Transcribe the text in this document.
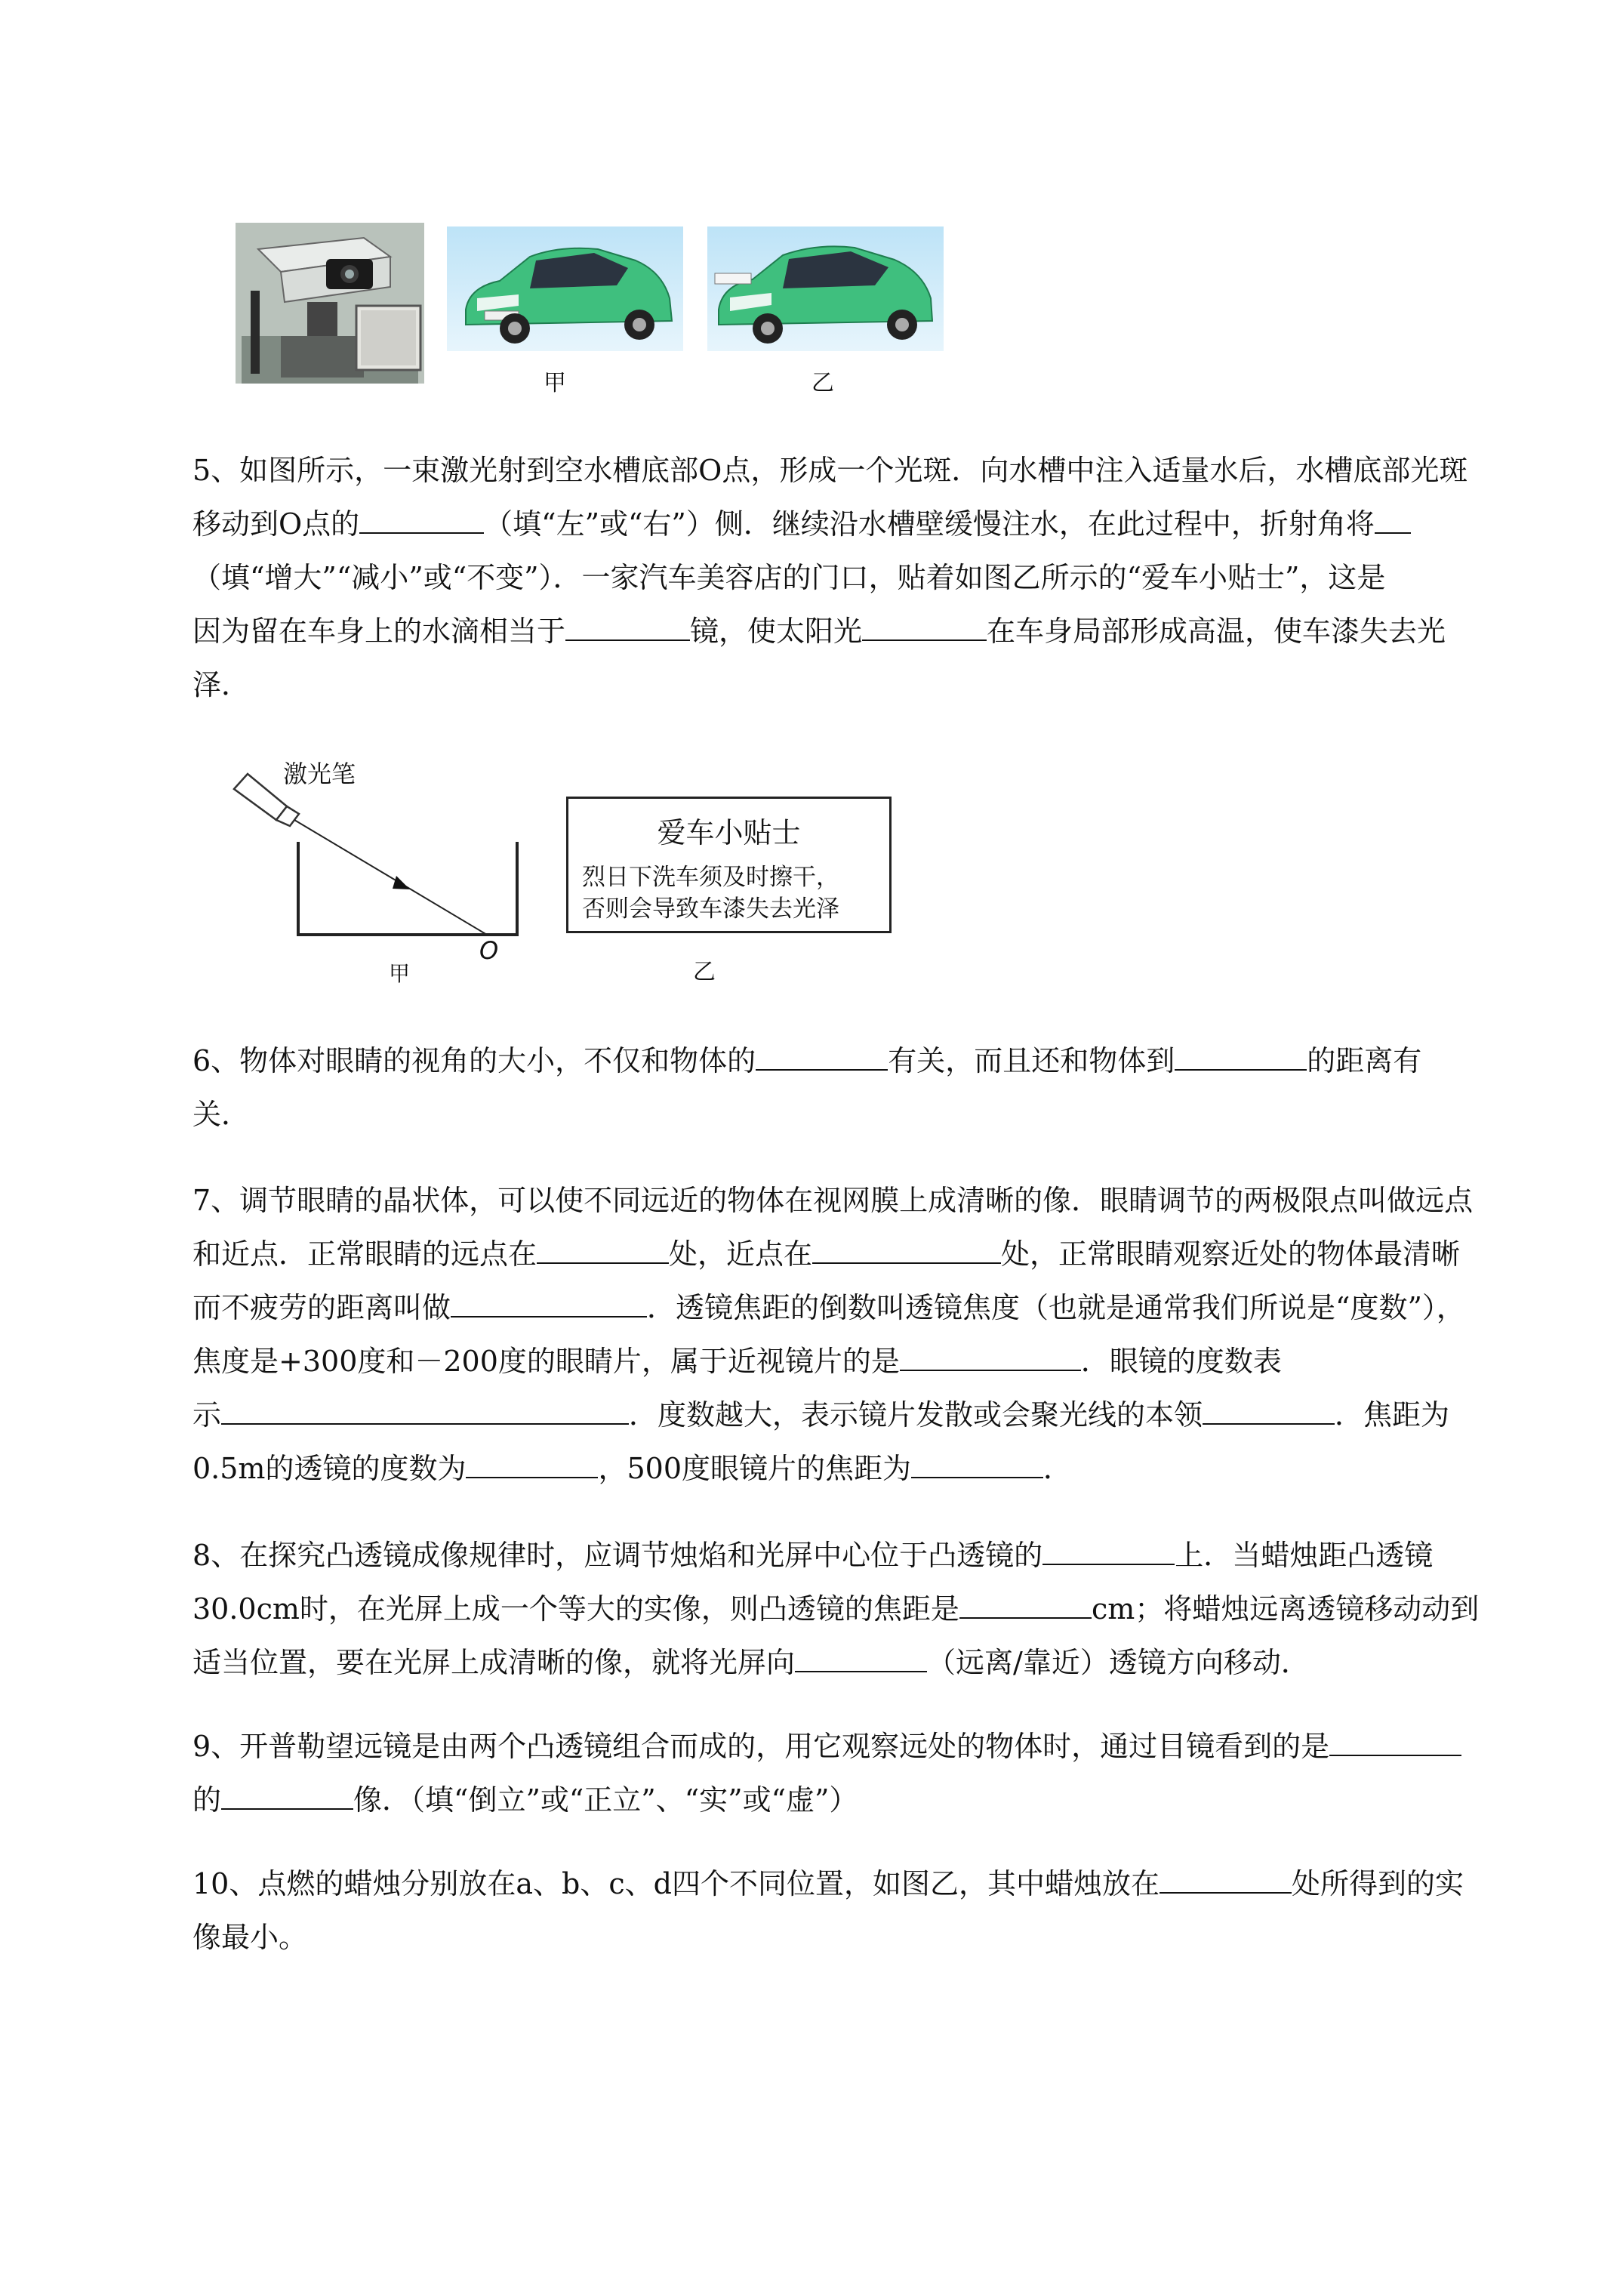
甲	乙
5、如图所示，一束激光射到空水槽底部O点，形成一个光斑．向水槽中注入适量水后，水槽底部光斑
移动到O点的	（填“左”或“右”）侧．继续沿水槽壁缓慢注水，在此过程中，折射角将
（填“增大”“减小”或“不变”）．一家汽车美容店的门口，贴着如图乙所示的“爱车小贴士”，这是
因为留在车身上的水滴相当于	镜，使太阳光	在车身局部形成高温，使车漆失去光
泽．
激光笔
O
甲
爱车小贴士
烈日下洗车须及时擦干，
否则会导致车漆失去光泽
乙
6、物体对眼睛的视角的大小，不仅和物体的	有关，而且还和物体到	的距离有
关．
7、调节眼睛的晶状体，可以使不同远近的物体在视网膜上成清晰的像．眼睛调节的两极限点叫做远点
和近点．正常眼睛的远点在	处，近点在	处，正常眼睛观察近处的物体最清晰
而不疲劳的距离叫做	．透镜焦距的倒数叫透镜焦度（也就是通常我们所说是“度数”），
焦度是+300度和－200度的眼睛片，属于近视镜片的是	．眼镜的度数表
示	．度数越大，表示镜片发散或会聚光线的本领	．焦距为
0.5m的透镜的度数为	，500度眼镜片的焦距为	．
8、在探究凸透镜成像规律时，应调节烛焰和光屏中心位于凸透镜的	上．当蜡烛距凸透镜
30.0cm时，在光屏上成一个等大的实像，则凸透镜的焦距是	cm；将蜡烛远离透镜移动动到
适当位置，要在光屏上成清晰的像，就将光屏向	（远离/靠近）透镜方向移动．
9、开普勒望远镜是由两个凸透镜组合而成的，用它观察远处的物体时，通过目镜看到的是
的	像．（填“倒立”或“正立”、“实”或“虚”）
10、点燃的蜡烛分别放在a、b、c、d四个不同位置，如图乙，其中蜡烛放在	处所得到的实
像最小。
